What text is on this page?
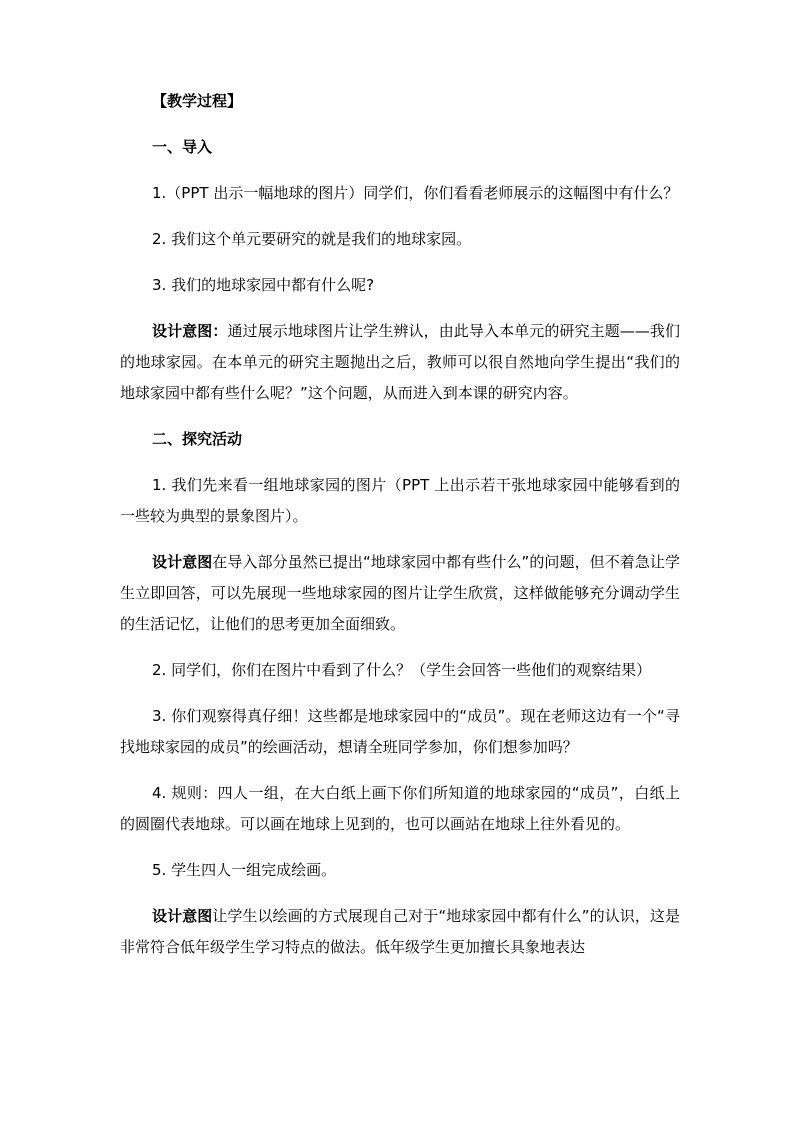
【教学过程】

一、导入

1.（PPT 出示一幅地球的图片）同学们，你们看看老师展示的这幅图中有什么？

2. 我们这个单元要研究的就是我们的地球家园。

3. 我们的地球家园中都有什么呢?

设计意图：通过展示地球图片让学生辨认，由此导入本单元的研究主题——我们的地球家园。在本单元的研究主题抛出之后，教师可以很自然地向学生提出“我们的地球家园中都有些什么呢？”这个问题，从而进入到本课的研究内容。

二、探究活动

1. 我们先来看一组地球家园的图片（PPT 上出示若干张地球家园中能够看到的一些较为典型的景象图片）。

设计意图在导入部分虽然已提出“地球家园中都有些什么”的问题，但不着急让学生立即回答，可以先展现一些地球家园的图片让学生欣赏，这样做能够充分调动学生的生活记忆，让他们的思考更加全面细致。

2. 同学们，你们在图片中看到了什么？（学生会回答一些他们的观察结果）

3. 你们观察得真仔细！这些都是地球家园中的“成员”。现在老师这边有一个“寻找地球家园的成员”的绘画活动，想请全班同学参加，你们想参加吗？

4. 规则：四人一组，在大白纸上画下你们所知道的地球家园的“成员”，白纸上的圆圈代表地球。可以画在地球上见到的，也可以画站在地球上往外看见的。

5. 学生四人一组完成绘画。

设计意图让学生以绘画的方式展现自己对于“地球家园中都有什么”的认识，这是非常符合低年级学生学习特点的做法。低年级学生更加擅长具象地表达
